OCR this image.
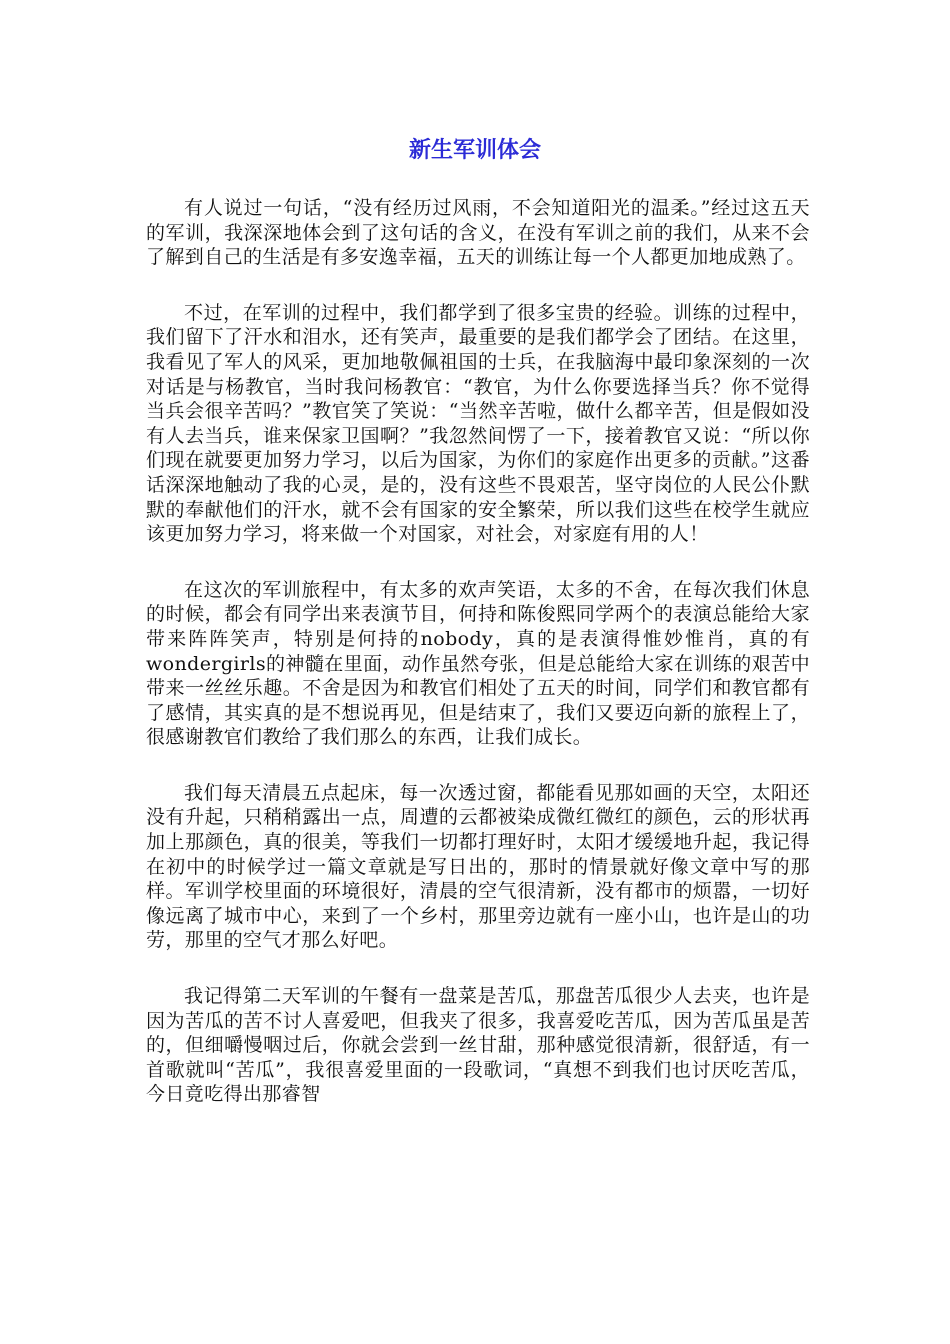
新生军训体会

有人说过一句话，“没有经历过风雨，不会知道阳光的温柔。”经过这五天的军训，我深深地体会到了这句话的含义，在没有军训之前的我们，从来不会了解到自己的生活是有多安逸幸福，五天的训练让每一个人都更加地成熟了。

不过，在军训的过程中，我们都学到了很多宝贵的经验。训练的过程中，我们留下了汗水和泪水，还有笑声，最重要的是我们都学会了团结。在这里，我看见了军人的风采，更加地敬佩祖国的士兵，在我脑海中最印象深刻的一次对话是与杨教官，当时我问杨教官：“教官，为什么你要选择当兵？你不觉得当兵会很辛苦吗？”教官笑了笑说：“当然辛苦啦，做什么都辛苦，但是假如没有人去当兵，谁来保家卫国啊？”我忽然间愣了一下，接着教官又说：“所以你们现在就要更加努力学习，以后为国家，为你们的家庭作出更多的贡献。”这番话深深地触动了我的心灵，是的，没有这些不畏艰苦，坚守岗位的人民公仆默默的奉献他们的汗水，就不会有国家的安全繁荣，所以我们这些在校学生就应该更加努力学习，将来做一个对国家，对社会，对家庭有用的人！

在这次的军训旅程中，有太多的欢声笑语，太多的不舍，在每次我们休息的时候，都会有同学出来表演节目，何持和陈俊熙同学两个的表演总能给大家带来阵阵笑声，特别是何持的nobody，真的是表演得惟妙惟肖，真的有wondergirls的神髓在里面，动作虽然夸张，但是总能给大家在训练的艰苦中带来一丝丝乐趣。不舍是因为和教官们相处了五天的时间，同学们和教官都有了感情，其实真的是不想说再见，但是结束了，我们又要迈向新的旅程上了，很感谢教官们教给了我们那么的东西，让我们成长。

我们每天清晨五点起床，每一次透过窗，都能看见那如画的天空，太阳还没有升起，只稍稍露出一点，周遭的云都被染成微红微红的颜色，云的形状再加上那颜色，真的很美，等我们一切都打理好时，太阳才缓缓地升起，我记得在初中的时候学过一篇文章就是写日出的，那时的情景就好像文章中写的那样。军训学校里面的环境很好，清晨的空气很清新，没有都市的烦嚣，一切好像远离了城市中心，来到了一个乡村，那里旁边就有一座小山，也许是山的功劳，那里的空气才那么好吧。

我记得第二天军训的午餐有一盘菜是苦瓜，那盘苦瓜很少人去夹，也许是因为苦瓜的苦不讨人喜爱吧，但我夹了很多，我喜爱吃苦瓜，因为苦瓜虽是苦的，但细嚼慢咽过后，你就会尝到一丝甘甜，那种感觉很清新，很舒适，有一首歌就叫“苦瓜”，我很喜爱里面的一段歌词，“真想不到我们也讨厌吃苦瓜，今日竟吃得出那睿智
